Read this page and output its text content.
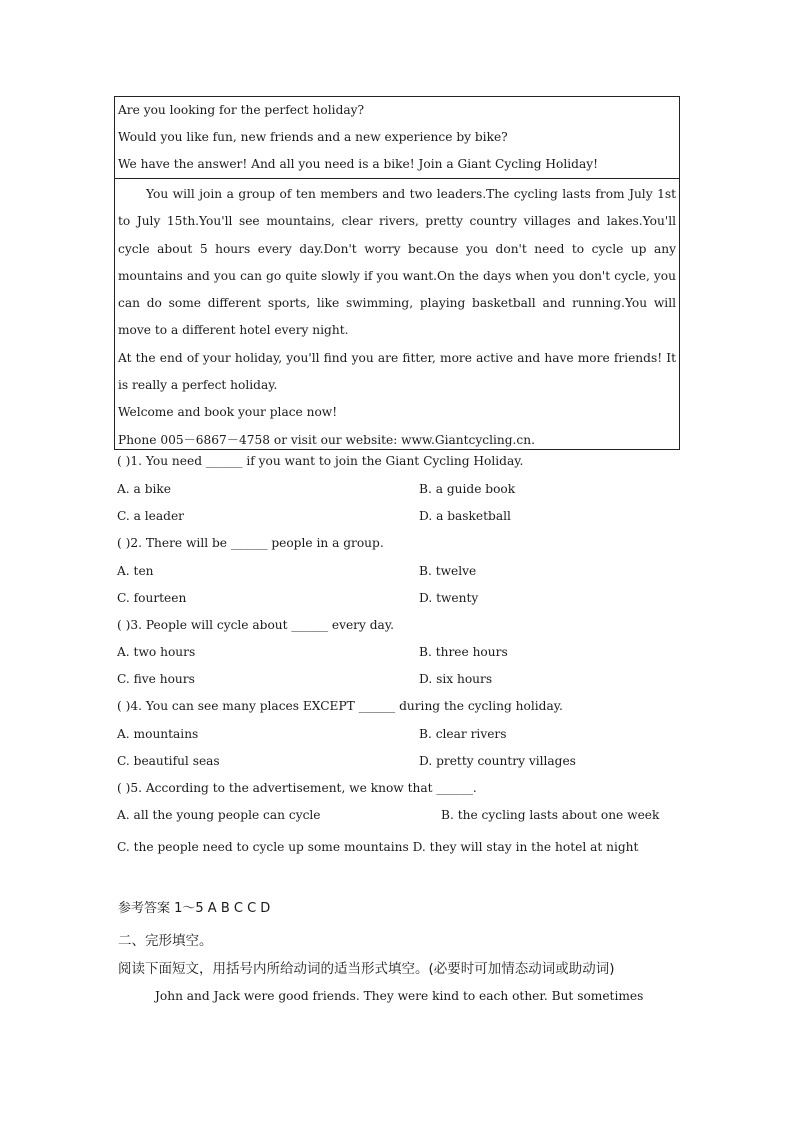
Are you looking for the perfect holiday?
Would you like fun, new friends and a new experience by bike?
We have the answer! And all you need is a bike! Join a Giant Cycling Holiday!
You will join a group of ten members and two leaders.The cycling lasts from July 1st to July 15th.You'll see mountains, clear rivers, pretty country villages and lakes.You'll cycle about 5 hours every day.Don't worry because you don't need to cycle up any mountains and you can go quite slowly if you want.On the days when you don't cycle, you can do some different sports, like swimming, playing basketball and running.You will move to a different hotel every night.
At the end of your holiday, you'll find you are fitter, more active and have more friends! It is really a perfect holiday.
Welcome and book your place now!
Phone 005－6867－4758 or visit our website: www.Giantcycling.cn.
( )1. You need ______ if you want to join the Giant Cycling Holiday.
A. a bike	B. a guide book
C. a leader	D. a basketball
( )2. There will be ______ people in a group.
A. ten	B. twelve
C. fourteen	D. twenty
( )3. People will cycle about ______ every day.
A. two hours	B. three hours
C. five hours	D. six hours
( )4. You can see many places EXCEPT ______ during the cycling holiday.
A. mountains	B. clear rivers
C. beautiful seas	D. pretty country villages
( )5. According to the advertisement, we know that ______.
A. all the young people can cycle	B. the cycling lasts about one week
C. the people need to cycle up some mountains D. they will stay in the hotel at night
参考答案 1～5 A B C C D
二、完形填空。
阅读下面短文，用括号内所给动词的适当形式填空。(必要时可加情态动词或助动词)
John and Jack were good friends. They were kind to each other. But sometimes
